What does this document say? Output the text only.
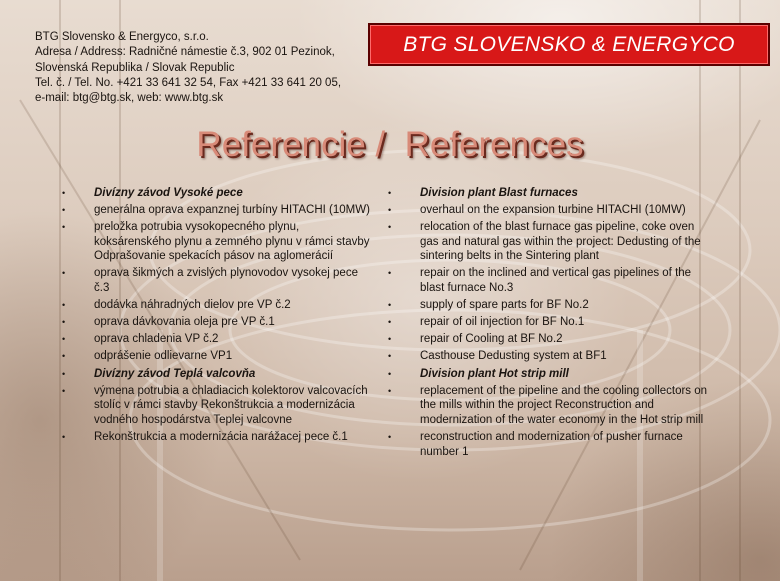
BTG Slovensko & Energyco, s.r.o.
Adresa / Address: Radničné námestie č.3, 902 01 Pezinok,
Slovenská Republika / Slovak Republic
Tel. č. / Tel. No. +421 33 641 32 54, Fax +421 33 641 20 05,
e-mail: btg@btg.sk, web: www.btg.sk
BTG SLOVENSKO & ENERGYCO
Referencie /  References
•	Divízny závod Vysoké pece
•	generálna oprava expanznej turbíny HITACHI (10MW)
•	preložka potrubia vysokopecného plynu, koksárenského plynu a zemného plynu v rámci stavby Odprašovanie spekacích pásov na aglomerácií
•	oprava šikmých a zvislých plynovodov vysokej pece č.3
•	dodávka náhradných dielov pre VP č.2
•	oprava dávkovania oleja pre VP č.1
•	oprava chladenia VP č.2
•	odprášenie odlievarne VP1
•	Divízny závod Teplá valcovňa
•	výmena potrubia a chladiacich kolektorov valcovacích stolíc v rámci stavby Rekonštrukcia a modernizácia vodného hospodárstva Teplej valcovne
•	Rekonštrukcia a modernizácia narážacej pece č.1
•	Division plant Blast furnaces
•	overhaul on the expansion turbine HITACHI (10MW)
•	relocation of the blast furnace gas pipeline, coke oven gas and natural gas within the project: Dedusting of the sintering belts in the Sintering plant
•	repair on the inclined and vertical gas pipelines of the blast furnace No.3
•	supply of spare parts for BF No.2
•	repair of oil injection for BF No.1
•	repair of Cooling at BF No.2
•	Casthouse Dedusting system at BF1
•	Division plant Hot strip mill
•	replacement of the pipeline and the cooling collectors on the mills within the project Reconstruction and modernization of the water economy in the Hot strip mill
•	reconstruction and modernization of pusher furnace number 1
